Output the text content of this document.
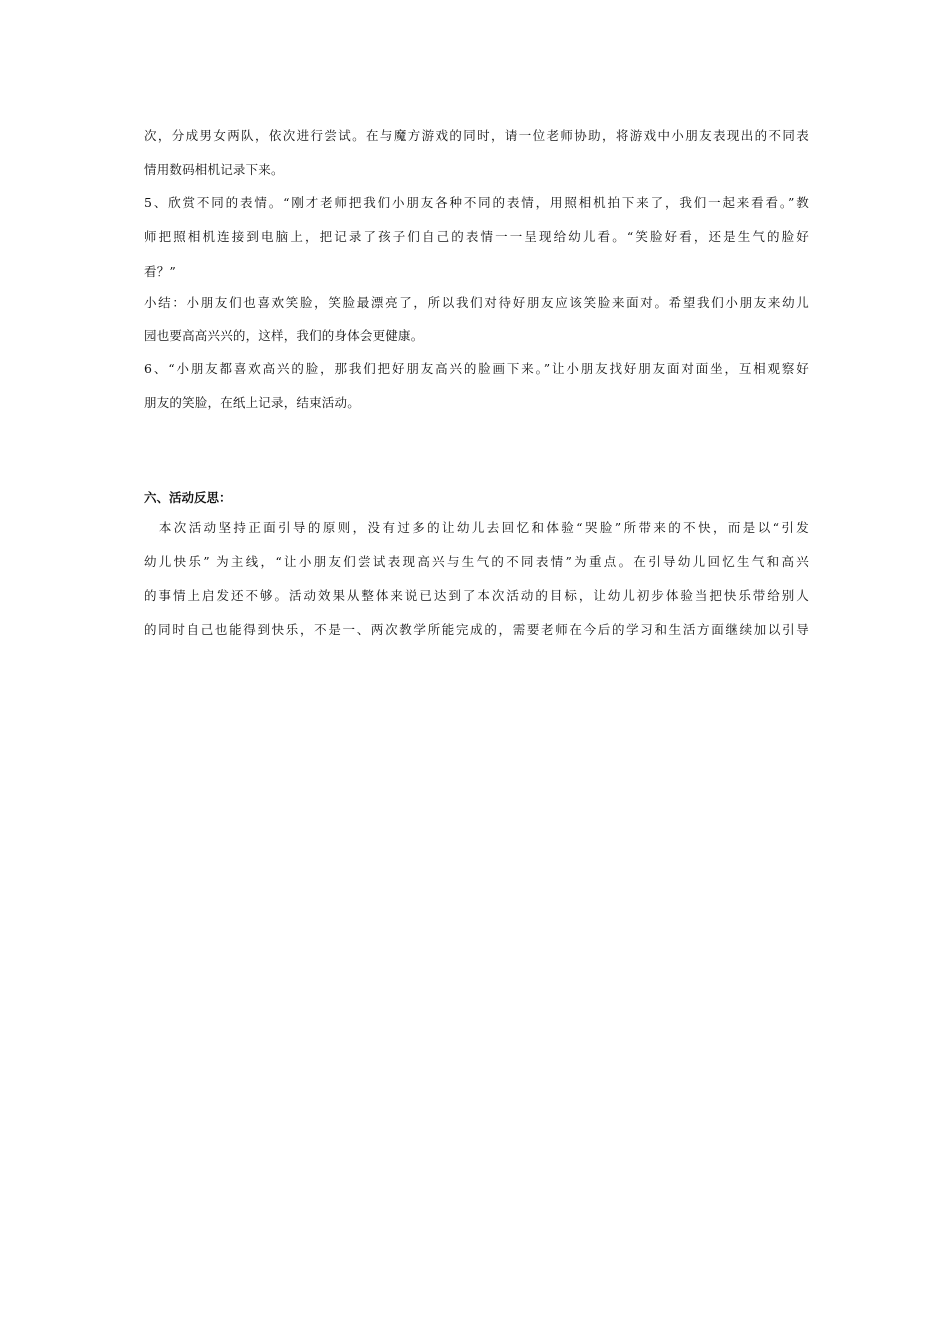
次，分成男女两队，依次进行尝试。在与魔方游戏的同时，请一位老师协助，将游戏中小朋友表现出的不同表
情用数码相机记录下来。
5、欣赏不同的表情。“刚才老师把我们小朋友各种不同的表情，用照相机拍下来了，我们一起来看看。”教
师把照相机连接到电脑上，把记录了孩子们自己的表情一一呈现给幼儿看。“笑脸好看，还是生气的脸好
看？”
小结：小朋友们也喜欢笑脸，笑脸最漂亮了，所以我们对待好朋友应该笑脸来面对。希望我们小朋友来幼儿
园也要高高兴兴的，这样，我们的身体会更健康。
6、“小朋友都喜欢高兴的脸，那我们把好朋友高兴的脸画下来。”让小朋友找好朋友面对面坐，互相观察好
朋友的笑脸，在纸上记录，结束活动。
六、活动反思：
　本次活动坚持正面引导的原则，没有过多的让幼儿去回忆和体验“哭脸”所带来的不快，而是以“引发
幼儿快乐” 为主线，“让小朋友们尝试表现高兴与生气的不同表情”为重点。在引导幼儿回忆生气和高兴
的事情上启发还不够。活动效果从整体来说已达到了本次活动的目标，让幼儿初步体验当把快乐带给别人
的同时自己也能得到快乐，不是一、两次教学所能完成的，需要老师在今后的学习和生活方面继续加以引导
